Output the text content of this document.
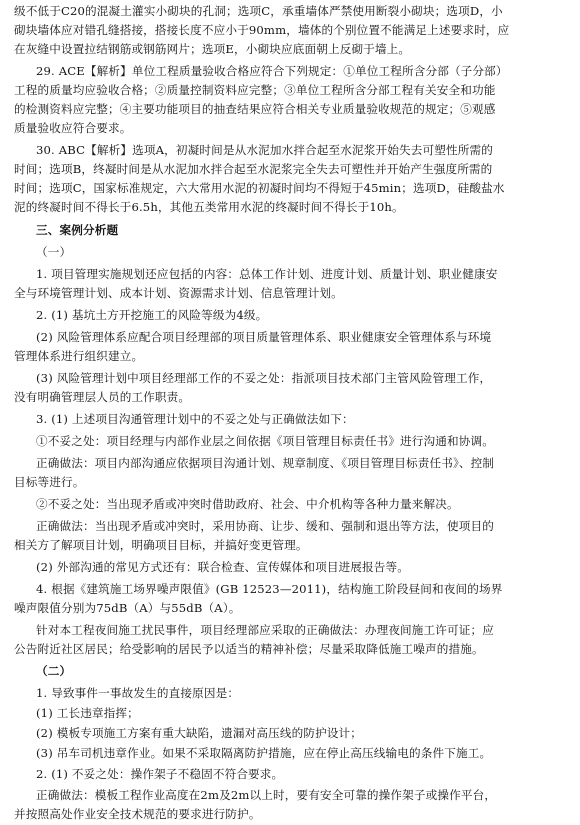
级不低于C20的混凝土灌实小砌块的孔洞；选项C，承重墙体严禁使用断裂小砌块；选项D，小
砌块墙体应对错孔缝搭接，搭接长度不应小于90mm，墙体的个别位置不能满足上述要求时，应
在灰缝中设置拉结钢筋或钢筋网片；选项E，小砌块应底面朝上反砌于墙上。
29. ACE【解析】单位工程质量验收合格应符合下列规定：①单位工程所含分部（子分部）
工程的质量均应验收合格；②质量控制资料应完整；③单位工程所含分部工程有关安全和功能
的检测资料应完整；④主要功能项目的抽查结果应符合相关专业质量验收规范的规定；⑤观感
质量验收应符合要求。
30. ABC【解析】选项A，初凝时间是从水泥加水拌合起至水泥浆开始失去可塑性所需的
时间；选项B，终凝时间是从水泥加水拌合起至水泥浆完全失去可塑性并开始产生强度所需的
时间；选项C，国家标准规定，六大常用水泥的初凝时间均不得短于45min；选项D，硅酸盐水
泥的终凝时间不得长于6.5h，其他五类常用水泥的终凝时间不得长于10h。
三、案例分析题
（一）
1. 项目管理实施规划还应包括的内容：总体工作计划、进度计划、质量计划、职业健康安
全与环境管理计划、成本计划、资源需求计划、信息管理计划。
2. (1) 基坑土方开挖施工的风险等级为4级。
(2) 风险管理体系应配合项目经理部的项目质量管理体系、职业健康安全管理体系与环境
管理体系进行组织建立。
(3) 风险管理计划中项目经理部工作的不妥之处：指派项目技术部门主管风险管理工作，
没有明确管理层人员的工作职责。
3. (1) 上述项目沟通管理计划中的不妥之处与正确做法如下：
①不妥之处：项目经理与内部作业层之间依据《项目管理目标责任书》进行沟通和协调。
正确做法：项目内部沟通应依据项目沟通计划、规章制度、《项目管理目标责任书》、控制
目标等进行。
②不妥之处：当出现矛盾或冲突时借助政府、社会、中介机构等各种力量来解决。
正确做法：当出现矛盾或冲突时，采用协商、让步、缓和、强制和退出等方法，使项目的
相关方了解项目计划，明确项目目标，并搞好变更管理。
(2) 外部沟通的常见方式还有：联合检查、宣传媒体和项目进展报告等。
4. 根据《建筑施工场界噪声限值》(GB 12523—2011)，结构施工阶段昼间和夜间的场界
噪声限值分别为75dB（A）与55dB（A）。
针对本工程夜间施工扰民事件，项目经理部应采取的正确做法：办理夜间施工许可证；应
公告附近社区居民；给受影响的居民予以适当的精神补偿；尽量采取降低施工噪声的措施。
（二）
1. 导致事件一事故发生的直接原因是：
(1) 工长违章指挥；
(2) 模板专项施工方案有重大缺陷，遗漏对高压线的防护设计；
(3) 吊车司机违章作业。如果不采取隔离防护措施，应在停止高压线输电的条件下施工。
2. (1) 不妥之处：操作架子不稳固不符合要求。
正确做法：模板工程作业高度在2m及2m以上时，要有安全可靠的操作架子或操作平台，
并按照高处作业安全技术规范的要求进行防护。
